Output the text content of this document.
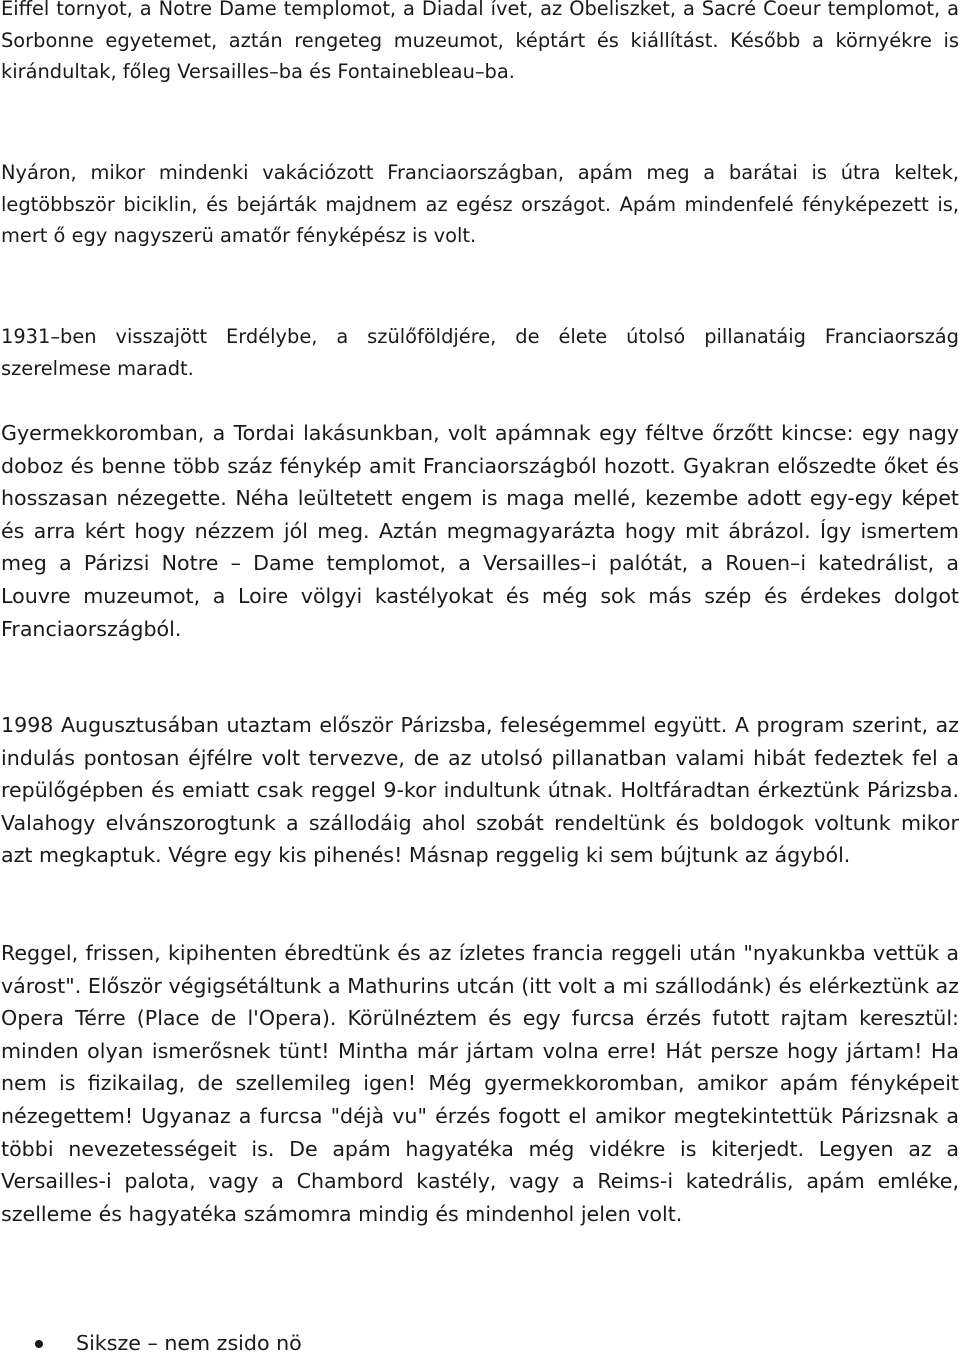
Eiffel tornyot, a Notre Dame templomot, a Diadal ívet, az Obeliszket, a Sacré Coeur templomot, a Sorbonne egyetemet, aztán rengeteg muzeumot, képtárt és kiállítást. Később a környékre is kirándultak, főleg Versailles–ba és Fontainebleau–ba.

Nyáron, mikor mindenki vakációzott Franciaországban, apám meg a barátai is útra keltek, legtöbbször biciklin, és bejárták majdnem az egész országot. Apám mindenfelé fényképezett is, mert ő egy nagyszerü amatőr fényképész is volt.

1931–ben visszajött Erdélybe, a szülőföldjére, de élete útolsó pillanatáig Franciaország szerelmese maradt.

Gyermekkoromban, a Tordai lakásunkban, volt apámnak egy féltve őrzőtt kincse: egy nagy doboz és benne több száz fénykép amit Franciaországból hozott. Gyakran előszedte őket és hosszasan nézegette. Néha leültetett engem is maga mellé, kezembe adott egy-egy képet és arra kért hogy nézzem jól meg. Aztán megmagyarázta hogy mit ábrázol. Így ismertem meg a Párizsi Notre – Dame templomot, a Versailles–i palótát, a Rouen–i katedrálist, a Louvre muzeumot, a Loire völgyi kastélyokat és még sok más szép és érdekes dolgot Franciaországból.

1998 Augusztusában utaztam először Párizsba, feleségemmel együtt. A program szerint, az indulás pontosan éjfélre volt tervezve, de az utolsó pillanatban valami hibát fedeztek fel a repülőgépben és emiatt csak reggel 9-kor indultunk útnak. Holtfáradtan érkeztünk Párizsba. Valahogy elvánszorogtunk a szállodáig ahol szobát rendeltünk és boldogok voltunk mikor azt megkaptuk. Végre egy kis pihenés! Másnap reggelig ki sem bújtunk az ágyból.

Reggel, frissen, kipihenten ébredtünk és az ízletes francia reggeli után "nyakunkba vettük a várost". Először végigsétáltunk a Mathurins utcán (itt volt a mi szállodánk) és elérkeztünk az Opera Térre (Place de l'Opera). Körülnéztem és egy furcsa érzés futott rajtam keresztül: minden olyan ismerősnek tünt! Mintha már jártam volna erre! Hát persze hogy jártam! Ha nem is fizikailag, de szellemileg igen! Még gyermekkoromban, amikor apám fényképeit nézegettem! Ugyanaz a furcsa "déjà vu" érzés fogott el amikor megtekintettük Párizsnak a többi nevezetességeit is. De apám hagyatéka még vidékre is kiterjedt. Legyen az a Versailles-i palota, vagy a Chambord kastély, vagy a Reims-i katedrális, apám emléke, szelleme és hagyatéka számomra mindig és mindenhol jelen volt.

Siksze – nem zsido nö
